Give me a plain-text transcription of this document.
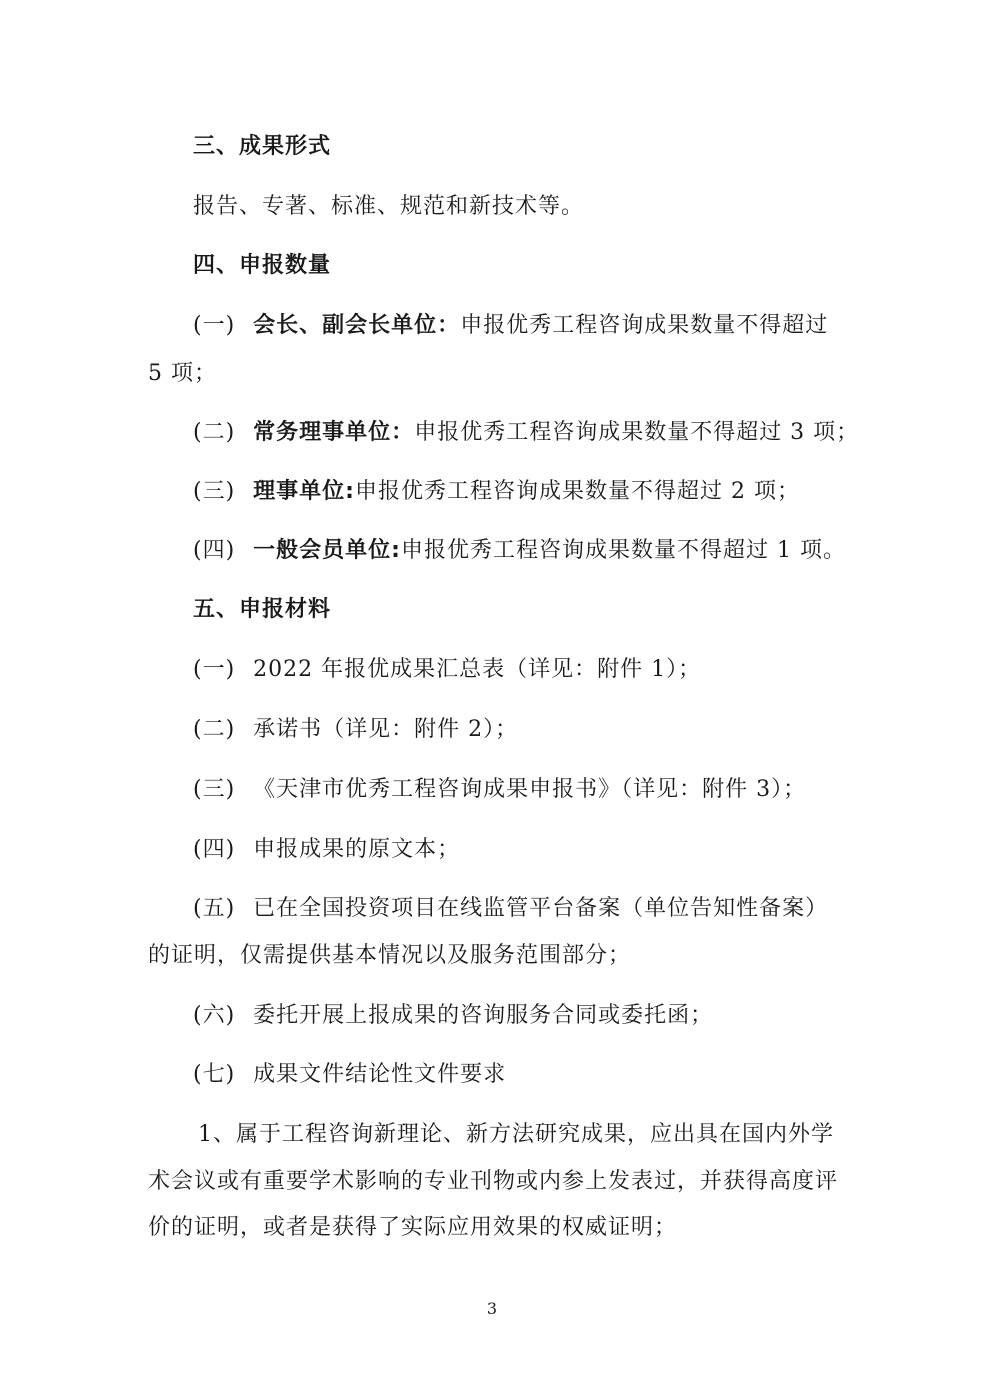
三、成果形式
报告、专著、标准、规范和新技术等。
四、申报数量
(一) 会长、副会长单位：申报优秀工程咨询成果数量不得超过
5 项；
(二) 常务理事单位：申报优秀工程咨询成果数量不得超过 3 项；
(三) 理事单位:申报优秀工程咨询成果数量不得超过 2 项；
(四) 一般会员单位:申报优秀工程咨询成果数量不得超过 1 项。
五、申报材料
(一) 2022 年报优成果汇总表（详见：附件 1）；
(二) 承诺书（详见：附件 2）；
(三) 《天津市优秀工程咨询成果申报书》（详见：附件 3）；
(四) 申报成果的原文本；
(五) 已在全国投资项目在线监管平台备案（单位告知性备案）
的证明，仅需提供基本情况以及服务范围部分；
(六) 委托开展上报成果的咨询服务合同或委托函；
(七) 成果文件结论性文件要求
1、属于工程咨询新理论、新方法研究成果，应出具在国内外学
术会议或有重要学术影响的专业刊物或内参上发表过，并获得高度评
价的证明，或者是获得了实际应用效果的权威证明；
3
